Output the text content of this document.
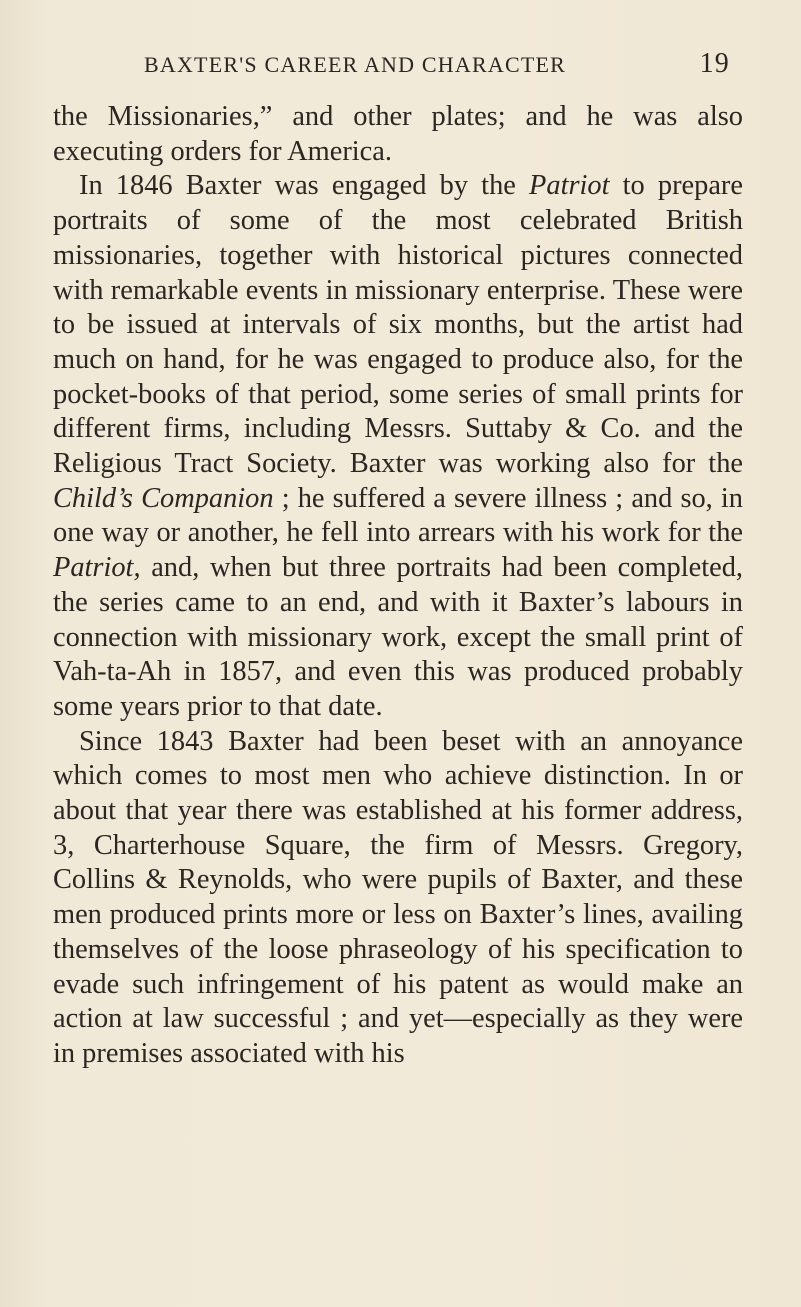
BAXTER'S CAREER AND CHARACTER	19

the Missionaries,” and other plates; and he was also executing orders for America.

In 1846 Baxter was engaged by the Patriot to prepare portraits of some of the most celebrated British missionaries, together with historical pictures connected with remarkable events in missionary enterprise. These were to be issued at intervals of six months, but the artist had much on hand, for he was engaged to produce also, for the pocket-books of that period, some series of small prints for different firms, including Messrs. Suttaby & Co. and the Religious Tract Society. Baxter was working also for the Child’s Companion ; he suffered a severe illness ; and so, in one way or another, he fell into arrears with his work for the Patriot, and, when but three portraits had been completed, the series came to an end, and with it Baxter’s labours in connection with missionary work, except the small print of Vah-ta-Ah in 1857, and even this was produced probably some years prior to that date.

Since 1843 Baxter had been beset with an annoyance which comes to most men who achieve distinction. In or about that year there was established at his former address, 3, Charterhouse Square, the firm of Messrs. Gregory, Collins & Reynolds, who were pupils of Baxter, and these men produced prints more or less on Baxter’s lines, availing themselves of the loose phraseology of his specification to evade such infringement of his patent as would make an action at law successful ; and yet—especially as they were in premises associated with his
